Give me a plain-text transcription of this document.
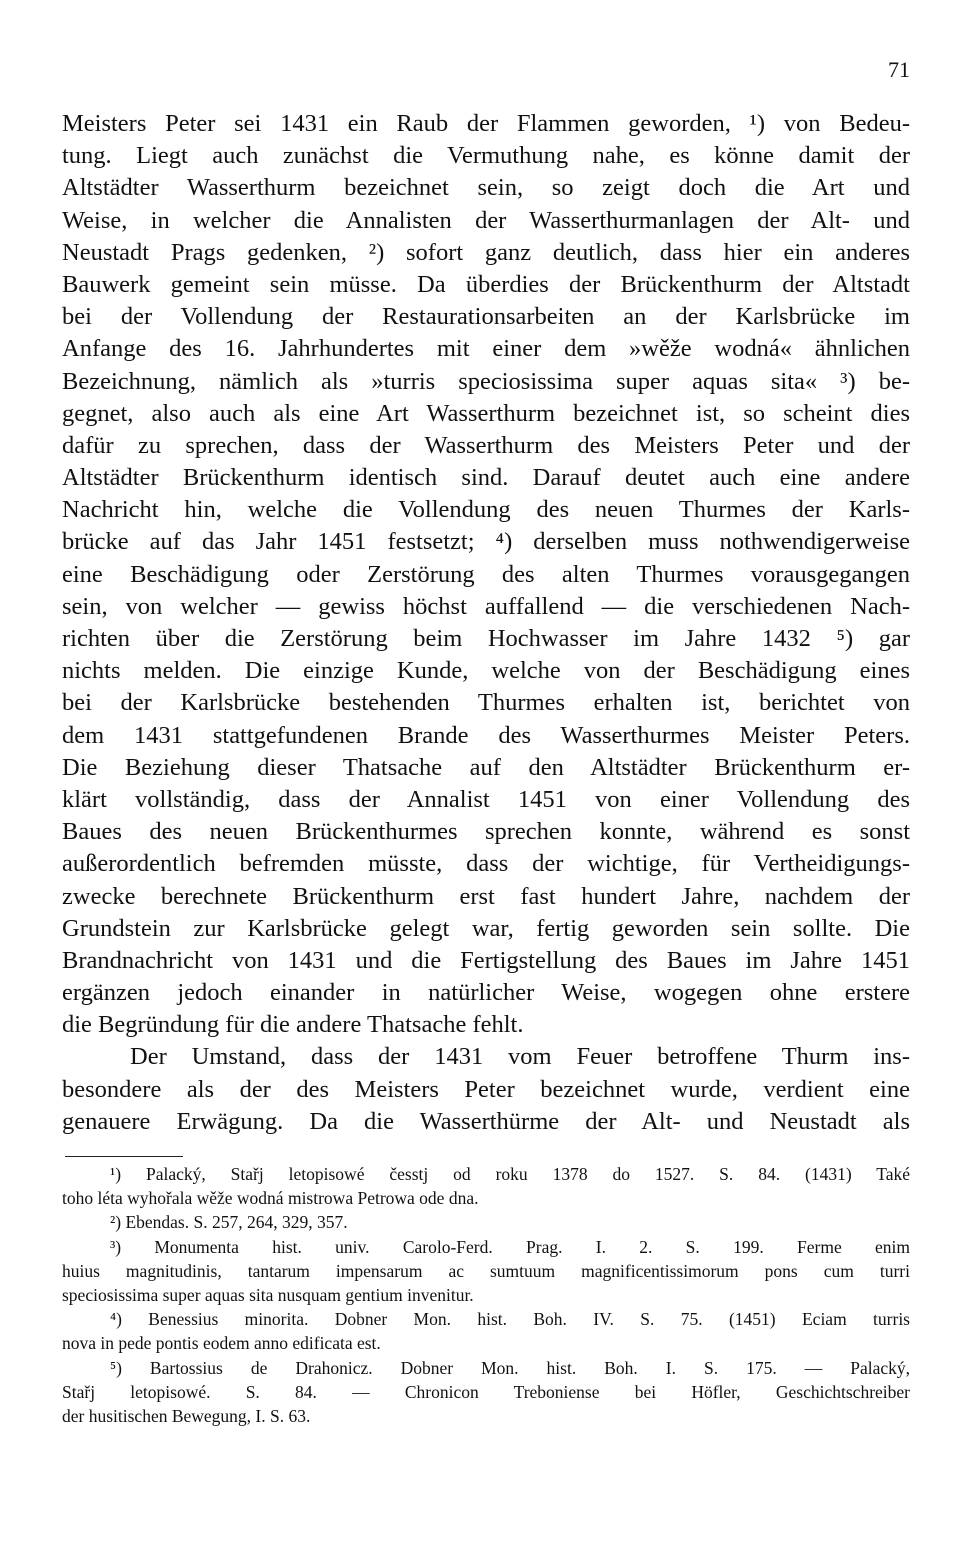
71
Meisters Peter sei 1431 ein Raub der Flammen geworden, ¹) von Bedeu-
tung. Liegt auch zunächst die Vermuthung nahe, es könne damit der
Altstädter Wasserthurm bezeichnet sein, so zeigt doch die Art und
Weise, in welcher die Annalisten der Wasserthurmanlagen der Alt- und
Neustadt Prags gedenken, ²) sofort ganz deutlich, dass hier ein anderes
Bauwerk gemeint sein müsse. Da überdies der Brückenthurm der Altstadt
bei der Vollendung der Restaurationsarbeiten an der Karlsbrücke im
Anfange des 16. Jahrhundertes mit einer dem »wěže wodná« ähnlichen
Bezeichnung, nämlich als »turris speciosissima super aquas sita« ³) be-
gegnet, also auch als eine Art Wasserthurm bezeichnet ist, so scheint dies
dafür zu sprechen, dass der Wasserthurm des Meisters Peter und der
Altstädter Brückenthurm identisch sind. Darauf deutet auch eine andere
Nachricht hin, welche die Vollendung des neuen Thurmes der Karls-
brücke auf das Jahr 1451 festsetzt; ⁴) derselben muss nothwendigerweise
eine Beschädigung oder Zerstörung des alten Thurmes vorausgegangen
sein, von welcher — gewiss höchst auffallend — die verschiedenen Nach-
richten über die Zerstörung beim Hochwasser im Jahre 1432 ⁵) gar
nichts melden. Die einzige Kunde, welche von der Beschädigung eines
bei der Karlsbrücke bestehenden Thurmes erhalten ist, berichtet von
dem 1431 stattgefundenen Brande des Wasserthurmes Meister Peters.
Die Beziehung dieser Thatsache auf den Altstädter Brückenthurm er-
klärt vollständig, dass der Annalist 1451 von einer Vollendung des
Baues des neuen Brückenthurmes sprechen konnte, während es sonst
außerordentlich befremden müsste, dass der wichtige, für Vertheidigungs-
zwecke berechnete Brückenthurm erst fast hundert Jahre, nachdem der
Grundstein zur Karlsbrücke gelegt war, fertig geworden sein sollte. Die
Brandnachricht von 1431 und die Fertigstellung des Baues im Jahre 1451
ergänzen jedoch einander in natürlicher Weise, wogegen ohne erstere
die Begründung für die andere Thatsache fehlt.
Der Umstand, dass der 1431 vom Feuer betroffene Thurm ins-
besondere als der des Meisters Peter bezeichnet wurde, verdient eine
genauere Erwägung. Da die Wasserthürme der Alt- und Neustadt als
¹) Palacký, Stařj letopisowé česstj od roku 1378 do 1527. S. 84. (1431) Také
toho léta wyhořala wěže wodná mistrowa Petrowa ode dna.
²) Ebendas. S. 257, 264, 329, 357.
³) Monumenta hist. univ. Carolo-Ferd. Prag. I. 2. S. 199. Ferme enim
huius magnitudinis, tantarum impensarum ac sumtuum magnificentissimorum pons cum turri
speciosissima super aquas sita nusquam gentium invenitur.
⁴) Benessius minorita. Dobner Mon. hist. Boh. IV. S. 75. (1451) Eciam turris
nova in pede pontis eodem anno edificata est.
⁵) Bartossius de Drahonicz. Dobner Mon. hist. Boh. I. S. 175. — Palacký,
Stařj letopisowé. S. 84. — Chronicon Treboniense bei Höfler, Geschichtschreiber
der husitischen Bewegung, I. S. 63.
